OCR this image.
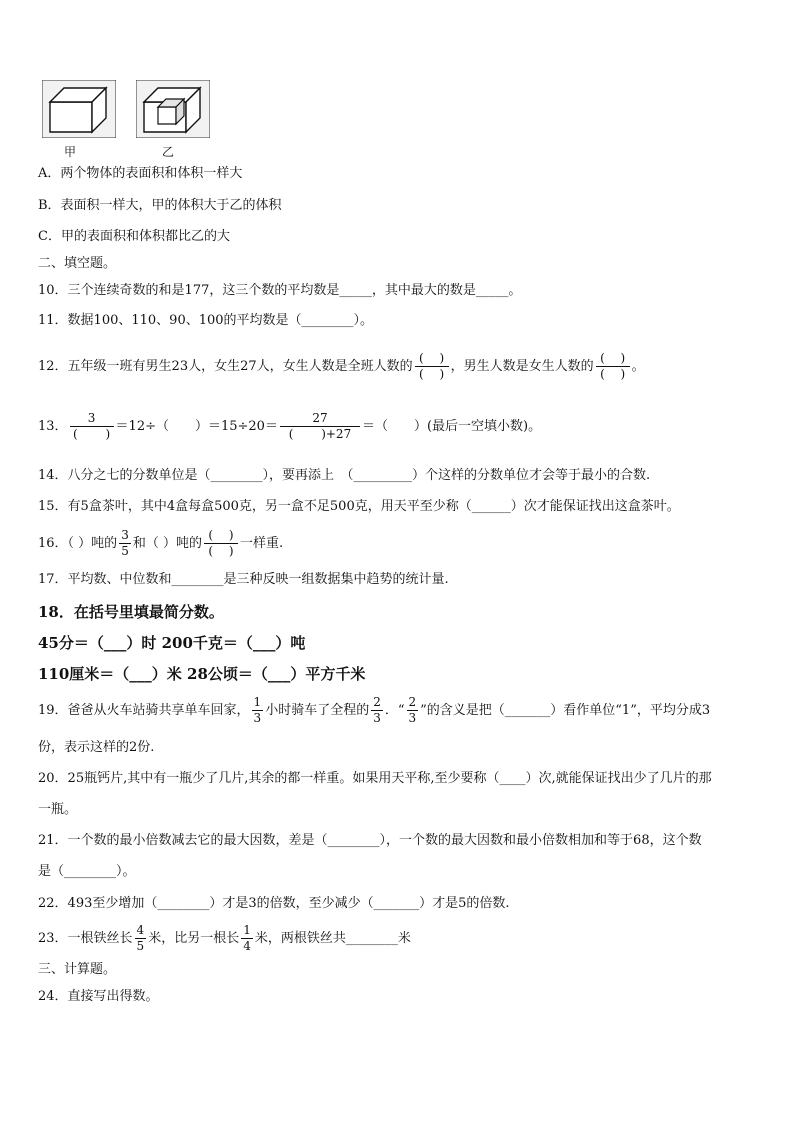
甲	乙
A．两个物体的表面积和体积一样大
B．表面积一样大，甲的体积大于乙的体积
C．甲的表面积和体积都比乙的大
二、填空题。
10．三个连续奇数的和是177，这三个数的平均数是_____，其中最大的数是_____。
11．数据100、110、90、100的平均数是（________）。
12．五年级一班有男生23人，女生27人，女生人数是全班人数的 $\frac{( )}{( )}$ ，男生人数是女生人数的 $\frac{( )}{( )}$ 。
13． $\frac{3}{( )} =12\div$（　　）$=15\div 20= \frac{27}{( )+27}$ ＝（　　）(最后一空填小数)。
14．八分之七的分数单位是（________），要再添上　（_________）个这样的分数单位才会等于最小的合数.
15．有5盒茶叶，其中4盒每盒500克，另一盒不足500克，用天平至少称（______）次才能保证找出这盒茶叶。
16．（ ）吨的 $\frac{3}{5}$ 和（ ）吨的 $\frac{( )}{( )}$ 一样重.
17．平均数、中位数和________是三种反映一组数据集中趋势的统计量.
18．在括号里填最简分数。
45分＝（___）时 200千克＝（___）吨
110厘米＝（___）米 28公顷＝（___）平方千米
19．爸爸从火车站骑共享单车回家， $\frac{1}{3}$ 小时骑车了全程的 $\frac{2}{3}$ ．“ $\frac{2}{3}$ ”的含义是把（_______）看作单位“1”，平均分成3
份，表示这样的2份.
20．25瓶钙片,其中有一瓶少了几片,其余的都一样重。如果用天平称,至少要称（____）次,就能保证找出少了几片的那
一瓶。
21．一个数的最小倍数减去它的最大因数，差是（________），一个数的最大因数和最小倍数相加和等于68，这个数
是（________）。
22．493至少增加（________）才是3的倍数，至少减少（_______）才是5的倍数.
23．一根铁丝长 $\frac{4}{5}$ 米，比另一根长 $\frac{1}{4}$ 米，两根铁丝共________米
三、计算题。
24．直接写出得数。
